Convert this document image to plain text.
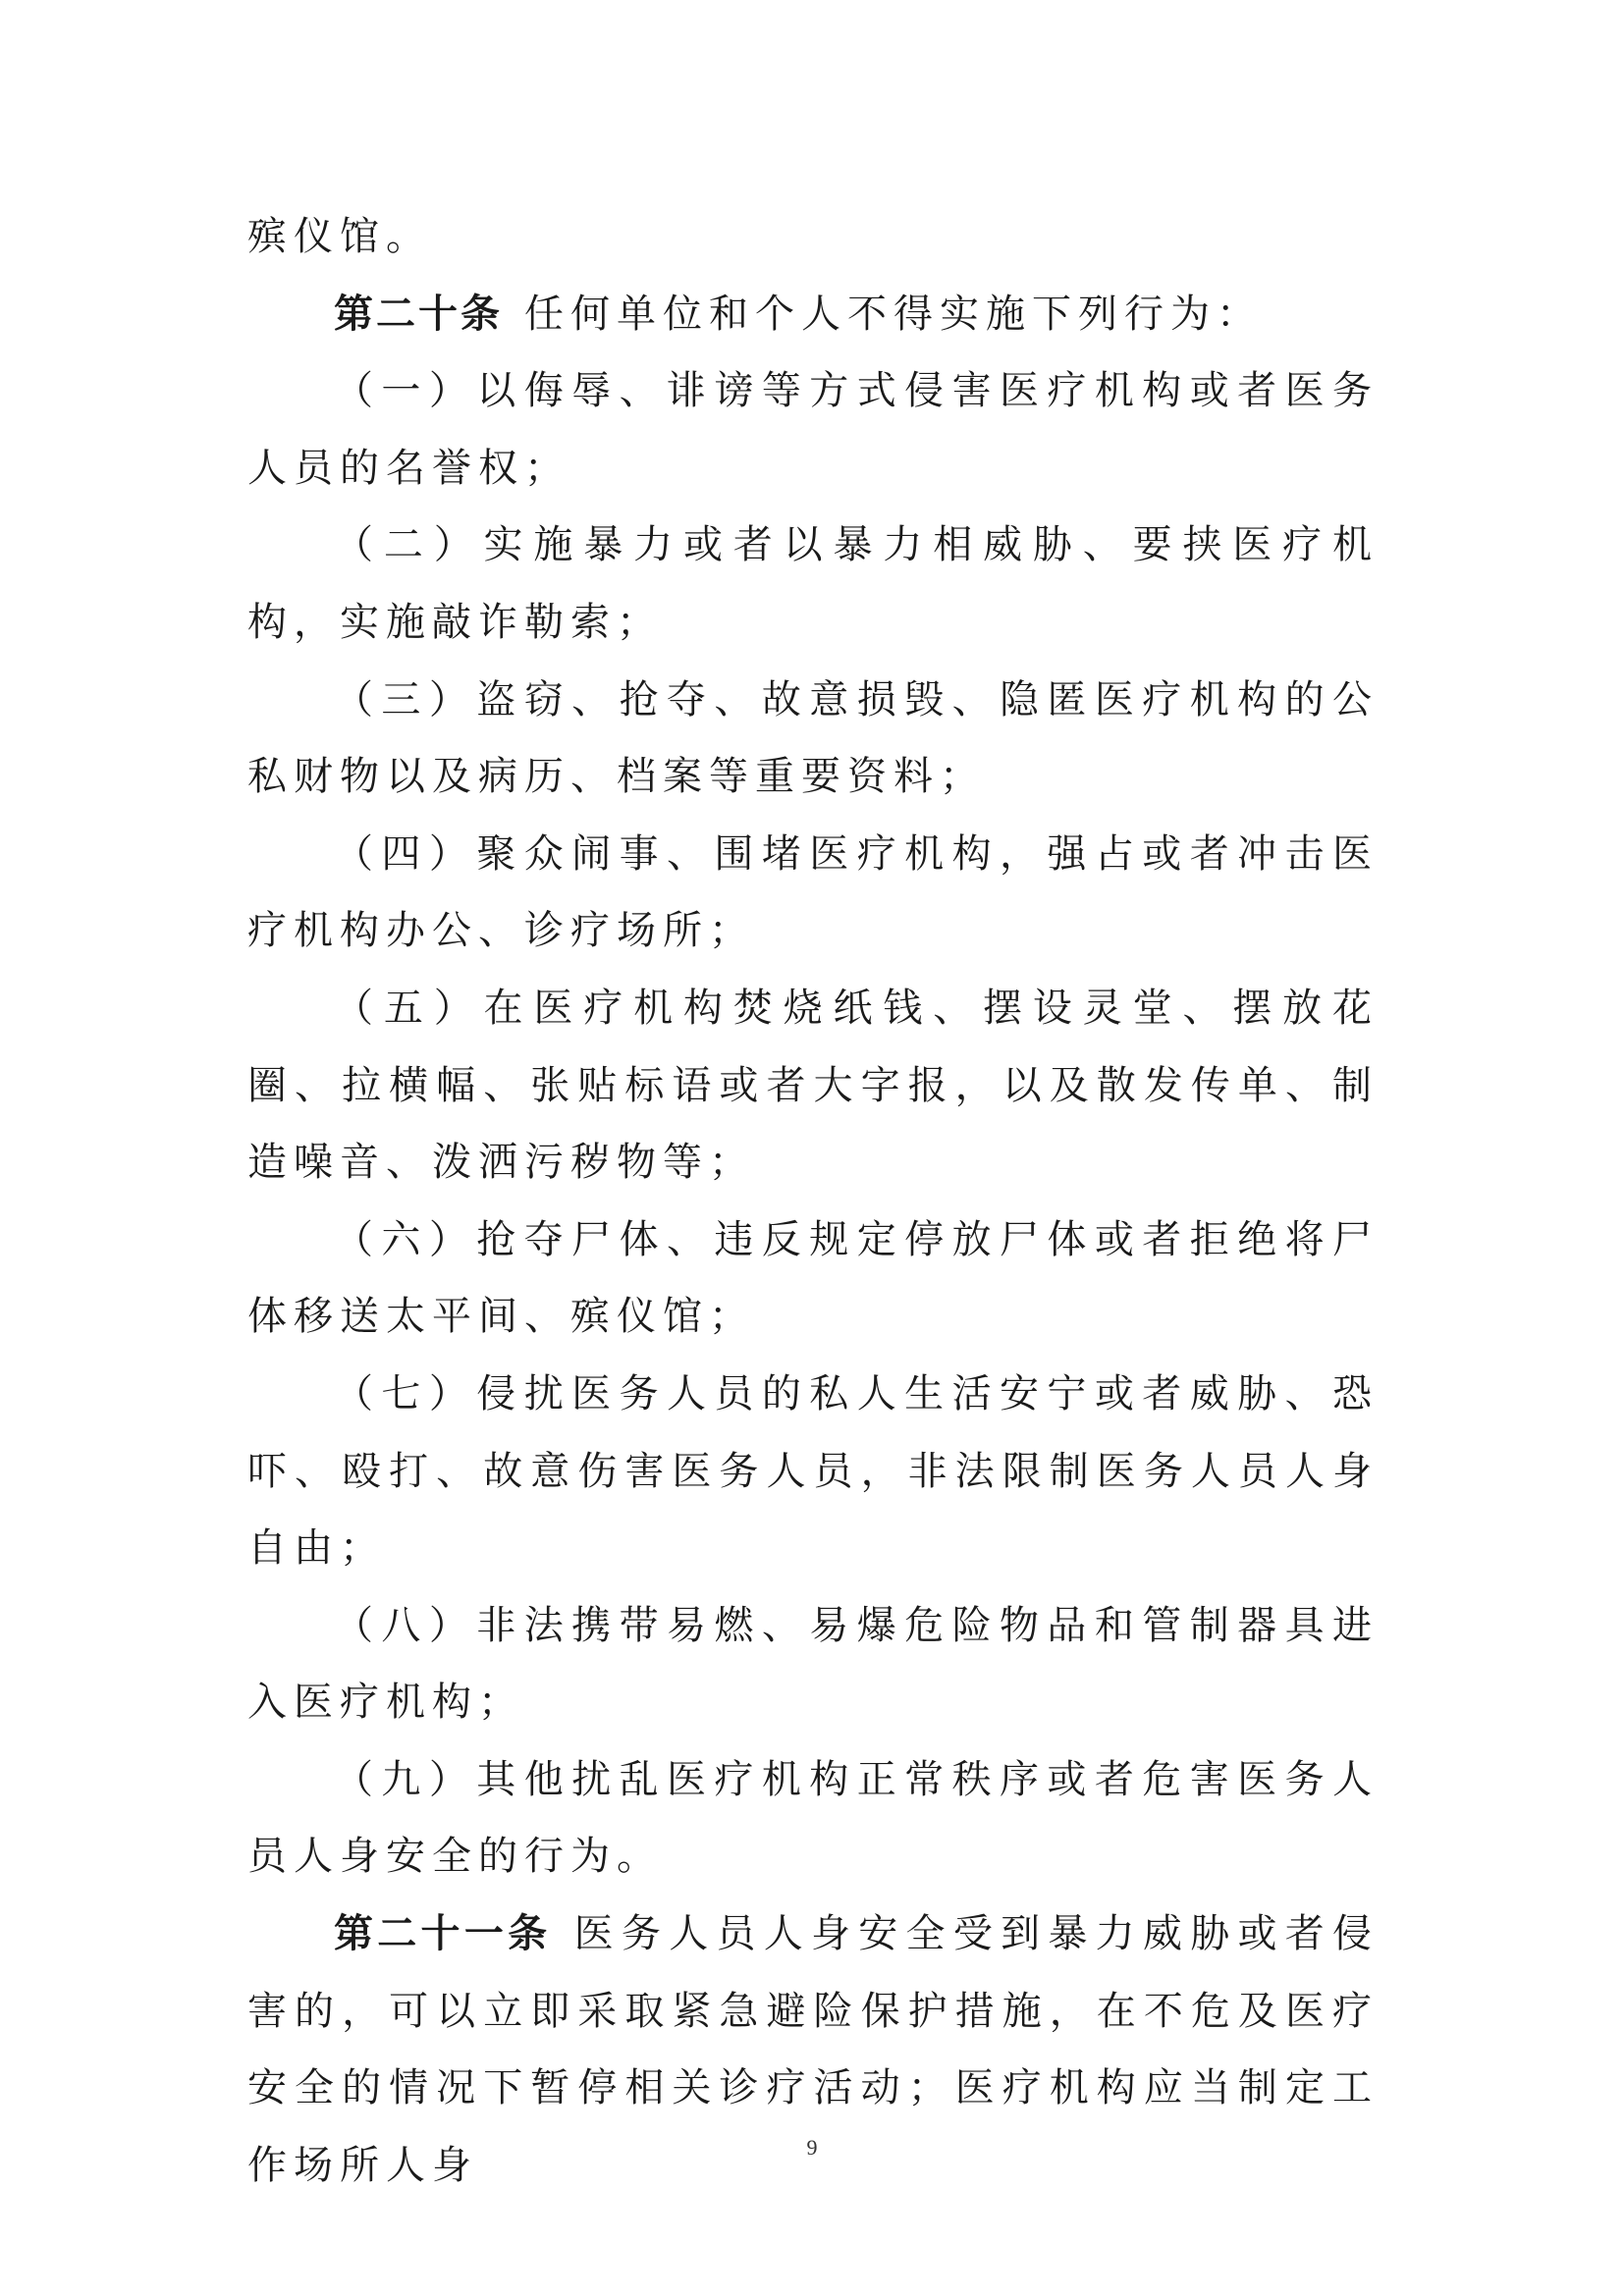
殡仪馆。

第二十条 任何单位和个人不得实施下列行为：

（一）以侮辱、诽谤等方式侵害医疗机构或者医务人员的名誉权；

（二）实施暴力或者以暴力相威胁、要挟医疗机构，实施敲诈勒索；

（三）盗窃、抢夺、故意损毁、隐匿医疗机构的公私财物以及病历、档案等重要资料；

（四）聚众闹事、围堵医疗机构，强占或者冲击医疗机构办公、诊疗场所；

（五）在医疗机构焚烧纸钱、摆设灵堂、摆放花圈、拉横幅、张贴标语或者大字报，以及散发传单、制造噪音、泼洒污秽物等；

（六）抢夺尸体、违反规定停放尸体或者拒绝将尸体移送太平间、殡仪馆；

（七）侵扰医务人员的私人生活安宁或者威胁、恐吓、殴打、故意伤害医务人员，非法限制医务人员人身自由；

（八）非法携带易燃、易爆危险物品和管制器具进入医疗机构；

（九）其他扰乱医疗机构正常秩序或者危害医务人员人身安全的行为。

第二十一条 医务人员人身安全受到暴力威胁或者侵害的，可以立即采取紧急避险保护措施，在不危及医疗安全的情况下暂停相关诊疗活动；医疗机构应当制定工作场所人身	9
